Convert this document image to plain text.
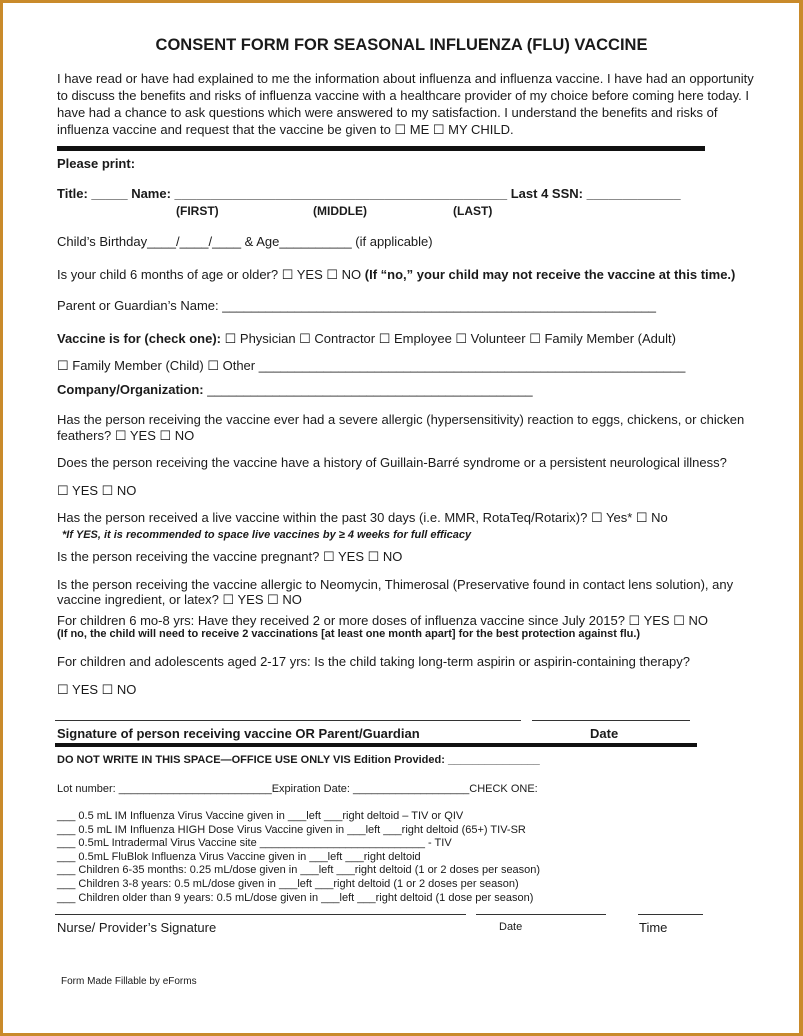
CONSENT FORM FOR SEASONAL INFLUENZA (FLU) VACCINE
I have read or have had explained to me the information about influenza and influenza vaccine. I have had an opportunity to discuss the benefits and risks of influenza vaccine with a healthcare provider of my choice before coming here today. I have had a chance to ask questions which were answered to my satisfaction. I understand the benefits and risks of influenza vaccine and request that the vaccine be given to ☐ ME ☐ MY CHILD.
Please print:
Title: _____ Name: ______________________________________________ Last 4 SSN: _____________
(FIRST)	(MIDDLE)	(LAST)
Child’s Birthday____/____/____ & Age__________ (if applicable)
Is your child 6 months of age or older? ☐ YES ☐ NO (If “no,” your child may not receive the vaccine at this time.)
Parent or Guardian’s Name: ____________________________________________________________
Vaccine is for (check one): ☐ Physician ☐ Contractor ☐ Employee ☐ Volunteer ☐ Family Member (Adult)
☐ Family Member (Child) ☐ Other ___________________________________________________________
Company/Organization: _____________________________________________
Has the person receiving the vaccine ever had a severe allergic (hypersensitivity) reaction to eggs, chickens, or chicken
feathers? ☐ YES ☐ NO
Does the person receiving the vaccine have a history of Guillain-Barré syndrome or a persistent neurological illness?
☐ YES ☐ NO
Has the person received a live vaccine within the past 30 days (i.e. MMR, RotaTeq/Rotarix)? ☐ Yes* ☐ No
*If YES, it is recommended to space live vaccines by ≥ 4 weeks for full efficacy
Is the person receiving the vaccine pregnant? ☐ YES ☐ NO
Is the person receiving the vaccine allergic to Neomycin, Thimerosal (Preservative found in contact lens solution), any
vaccine ingredient, or latex? ☐ YES ☐ NO
For children 6 mo-8 yrs: Have they received 2 or more doses of influenza vaccine since July 2015? ☐ YES ☐ NO
(If no, the child will need to receive 2 vaccinations [at least one month apart] for the best protection against flu.)
For children and adolescents aged 2-17 yrs: Is the child taking long-term aspirin or aspirin-containing therapy?
☐ YES ☐ NO
Signature of person receiving vaccine OR Parent/Guardian	Date
DO NOT WRITE IN THIS SPACE—OFFICE USE ONLY VIS Edition Provided: _______________
Lot number: _________________________Expiration Date: ___________________CHECK ONE:
___ 0.5 mL IM Influenza Virus Vaccine given in ___left ___right deltoid – TIV or QIV
___ 0.5 mL IM Influenza HIGH Dose Virus Vaccine given in ___left ___right deltoid (65+) TIV-SR
___ 0.5mL Intradermal Virus Vaccine site ___________________________ - TIV
___ 0.5mL FluBlok Influenza Virus Vaccine given in ___left ___right deltoid
___ Children 6-35 months: 0.25 mL/dose given in ___left ___right deltoid (1 or 2 doses per season)
___ Children 3-8 years: 0.5 mL/dose given in ___left ___right deltoid (1 or 2 doses per season)
___ Children older than 9 years: 0.5 mL/dose given in ___left ___right deltoid (1 dose per season)
Nurse/ Provider’s Signature	Date	Time
Form Made Fillable by eForms
